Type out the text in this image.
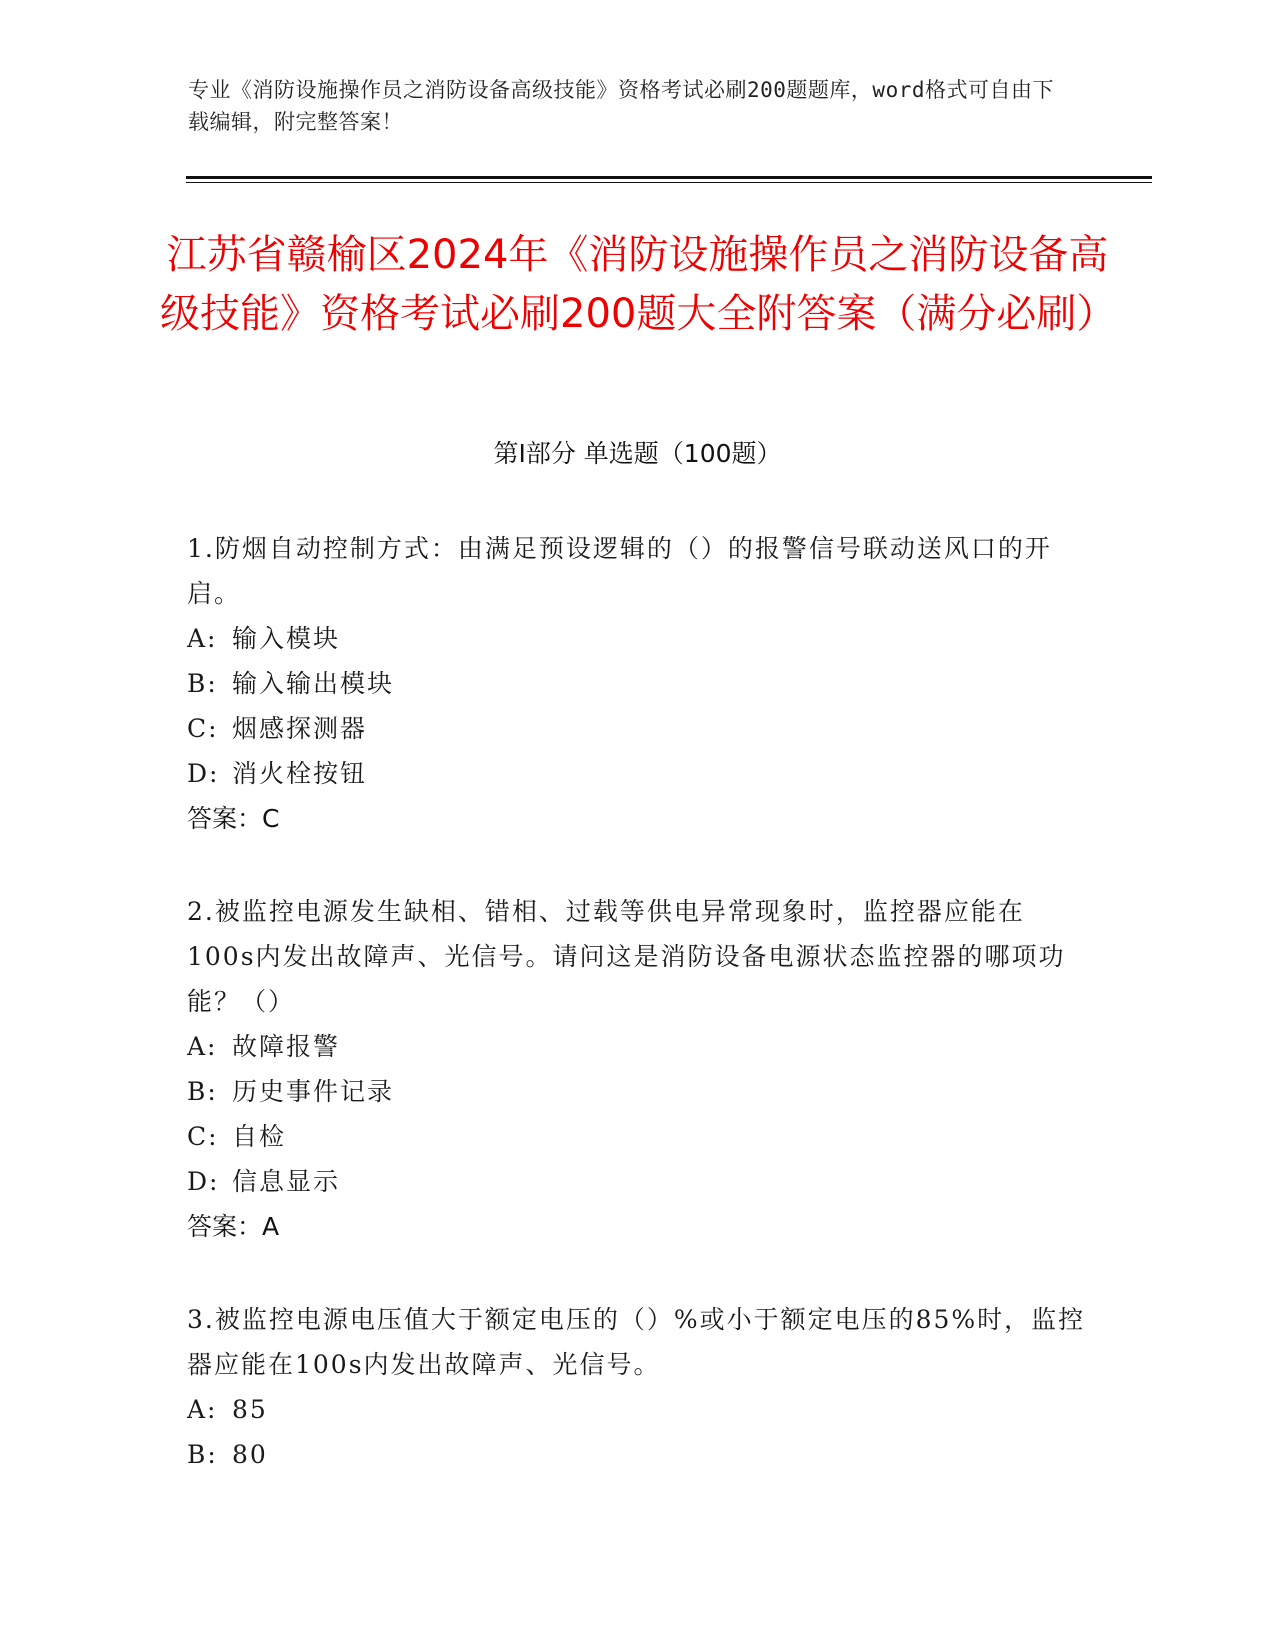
专业《消防设施操作员之消防设备高级技能》资格考试必刷200题题库，word格式可自由下载编辑，附完整答案！
江苏省赣榆区2024年《消防设施操作员之消防设备高级技能》资格考试必刷200题大全附答案（满分必刷）
第I部分 单选题（100题）
1.防烟自动控制方式：由满足预设逻辑的（）的报警信号联动送风口的开启。
A: 输入模块
B: 输入输出模块
C: 烟感探测器
D: 消火栓按钮
答案：C
2.被监控电源发生缺相、错相、过载等供电异常现象时，监控器应能在100s内发出故障声、光信号。请问这是消防设备电源状态监控器的哪项功能？（）
A: 故障报警
B: 历史事件记录
C: 自检
D: 信息显示
答案：A
3.被监控电源电压值大于额定电压的（）%或小于额定电压的85%时，监控器应能在100s内发出故障声、光信号。
A: 85
B: 80
